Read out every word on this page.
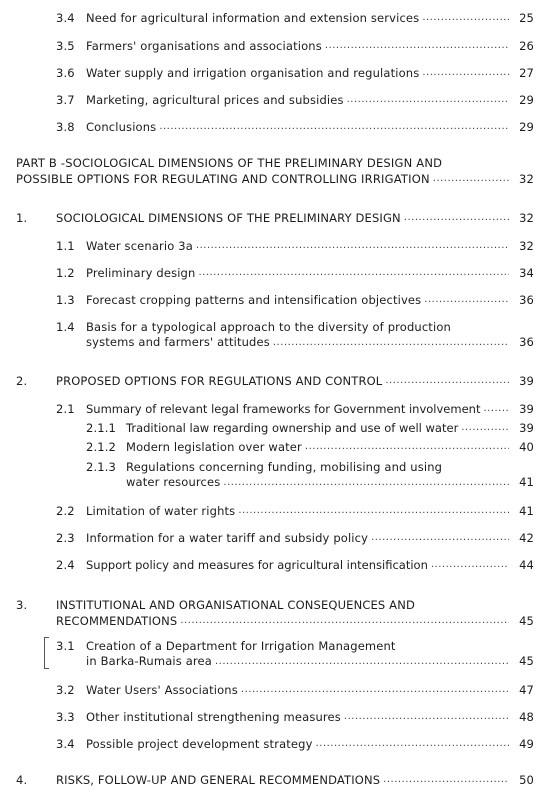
3.4 Need for agricultural information and extension services .....	25
3.5 Farmers' organisations and associations .....	26
3.6 Water supply and irrigation organisation and regulations .....	27
3.7 Marketing, agricultural prices and subsidies .....	29
3.8 Conclusions .....	29
PART B -SOCIOLOGICAL DIMENSIONS OF THE PRELIMINARY DESIGN AND
POSSIBLE OPTIONS FOR REGULATING AND CONTROLLING IRRIGATION .....	32
1.	SOCIOLOGICAL DIMENSIONS OF THE PRELIMINARY DESIGN .....	32
1.1 Water scenario 3a .....	32
1.2 Preliminary design .....	34
1.3 Forecast cropping patterns and intensification objectives .....	36
1.4 Basis for a typological approach to the diversity of production
systems and farmers' attitudes .....	36
2.	PROPOSED OPTIONS FOR REGULATIONS AND CONTROL .....	39
2.1 Summary of relevant legal frameworks for Government involvement .....	39
2.1.1 Traditional law regarding ownership and use of well water .....	39
2.1.2 Modern legislation over water .....	40
2.1.3 Regulations concerning funding, mobilising and using
water resources .....	41
2.2 Limitation of water rights .....	41
2.3 Information for a water tariff and subsidy policy .....	42
2.4 Support policy and measures for agricultural intensification .....	44
3.	INSTITUTIONAL AND ORGANISATIONAL CONSEQUENCES AND
RECOMMENDATIONS .....	45
3.1 Creation of a Department for Irrigation Management
in Barka-Rumais area .....	45
3.2 Water Users' Associations .....	47
3.3 Other institutional strengthening measures .....	48
3.4 Possible project development strategy .....	49
4.	RISKS, FOLLOW-UP AND GENERAL RECOMMENDATIONS .....	50
